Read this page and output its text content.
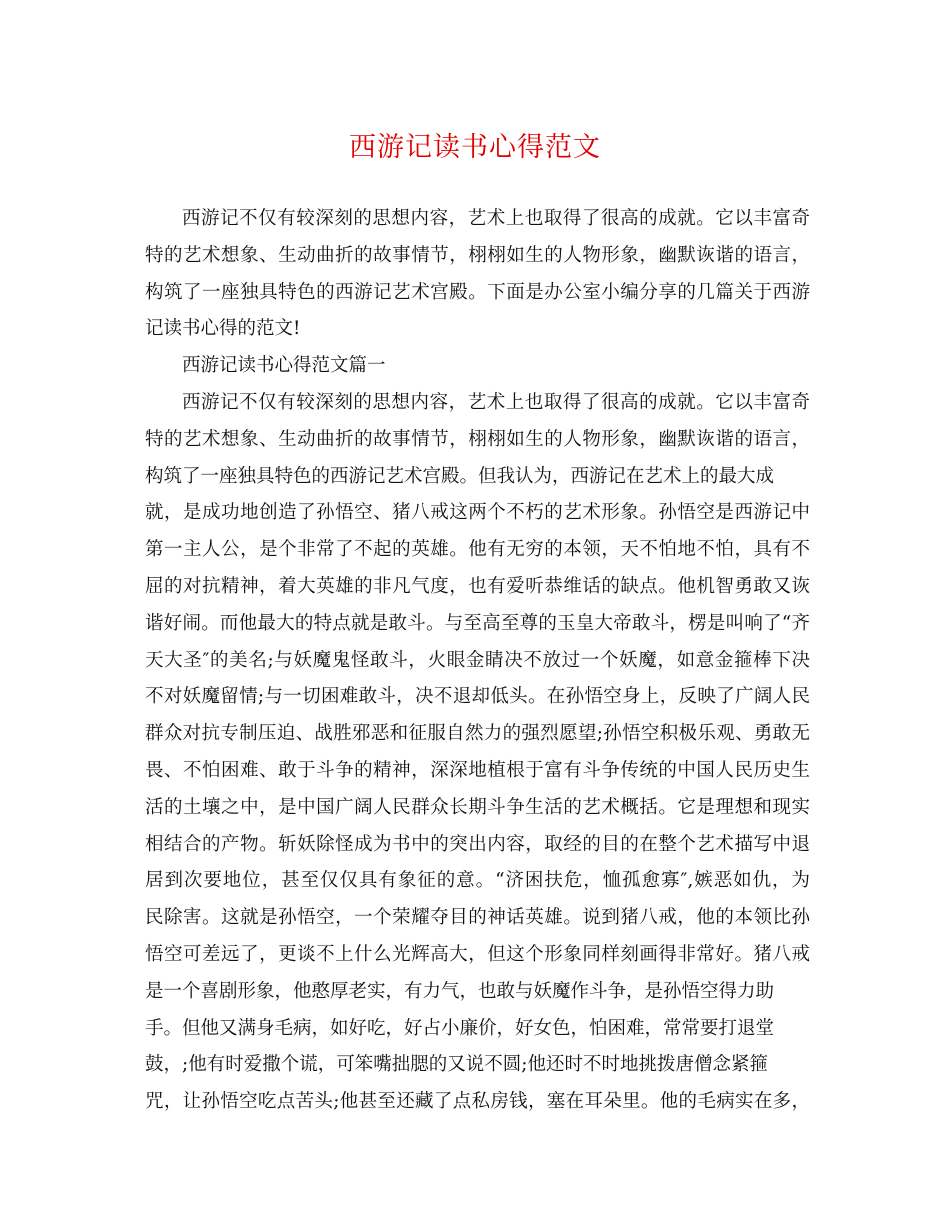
西游记读书心得范文
西游记不仅有较深刻的思想内容，艺术上也取得了很高的成就。它以丰富奇
特的艺术想象、生动曲折的故事情节，栩栩如生的人物形象，幽默诙谐的语言，
构筑了一座独具特色的西游记艺术宫殿。下面是办公室小编分享的几篇关于西游
记读书心得的范文!
西游记读书心得范文篇一
西游记不仅有较深刻的思想内容，艺术上也取得了很高的成就。它以丰富奇
特的艺术想象、生动曲折的故事情节，栩栩如生的人物形象，幽默诙谐的语言，
构筑了一座独具特色的西游记艺术宫殿。但我认为，西游记在艺术上的最大成
就，是成功地创造了孙悟空、猪八戒这两个不朽的艺术形象。孙悟空是西游记中
第一主人公，是个非常了不起的英雄。他有无穷的本领，天不怕地不怕，具有不
屈的对抗精神，着大英雄的非凡气度，也有爱听恭维话的缺点。他机智勇敢又诙
谐好闹。而他最大的特点就是敢斗。与至高至尊的玉皇大帝敢斗，楞是叫响了“齐
天大圣″的美名;与妖魔鬼怪敢斗，火眼金睛决不放过一个妖魔，如意金箍棒下决
不对妖魔留情;与一切困难敢斗，决不退却低头。在孙悟空身上，反映了广阔人民
群众对抗专制压迫、战胜邪恶和征服自然力的强烈愿望;孙悟空积极乐观、勇敢无
畏、不怕困难、敢于斗争的精神，深深地植根于富有斗争传统的中国人民历史生
活的土壤之中，是中国广阔人民群众长期斗争生活的艺术概括。它是理想和现实
相结合的产物。斩妖除怪成为书中的突出内容，取经的目的在整个艺术描写中退
居到次要地位，甚至仅仅具有象征的意。“济困扶危，恤孤愈寡″,嫉恶如仇，为
民除害。这就是孙悟空，一个荣耀夺目的神话英雄。说到猪八戒，他的本领比孙
悟空可差远了，更谈不上什么光辉高大，但这个形象同样刻画得非常好。猪八戒
是一个喜剧形象，他憨厚老实，有力气，也敢与妖魔作斗争，是孙悟空得力助
手。但他又满身毛病，如好吃，好占小廉价，好女色，怕困难，常常要打退堂
鼓，;他有时爱撒个谎，可笨嘴拙腮的又说不圆;他还时不时地挑拨唐僧念紧箍
咒，让孙悟空吃点苦头;他甚至还藏了点私房钱，塞在耳朵里。他的毛病实在多，
